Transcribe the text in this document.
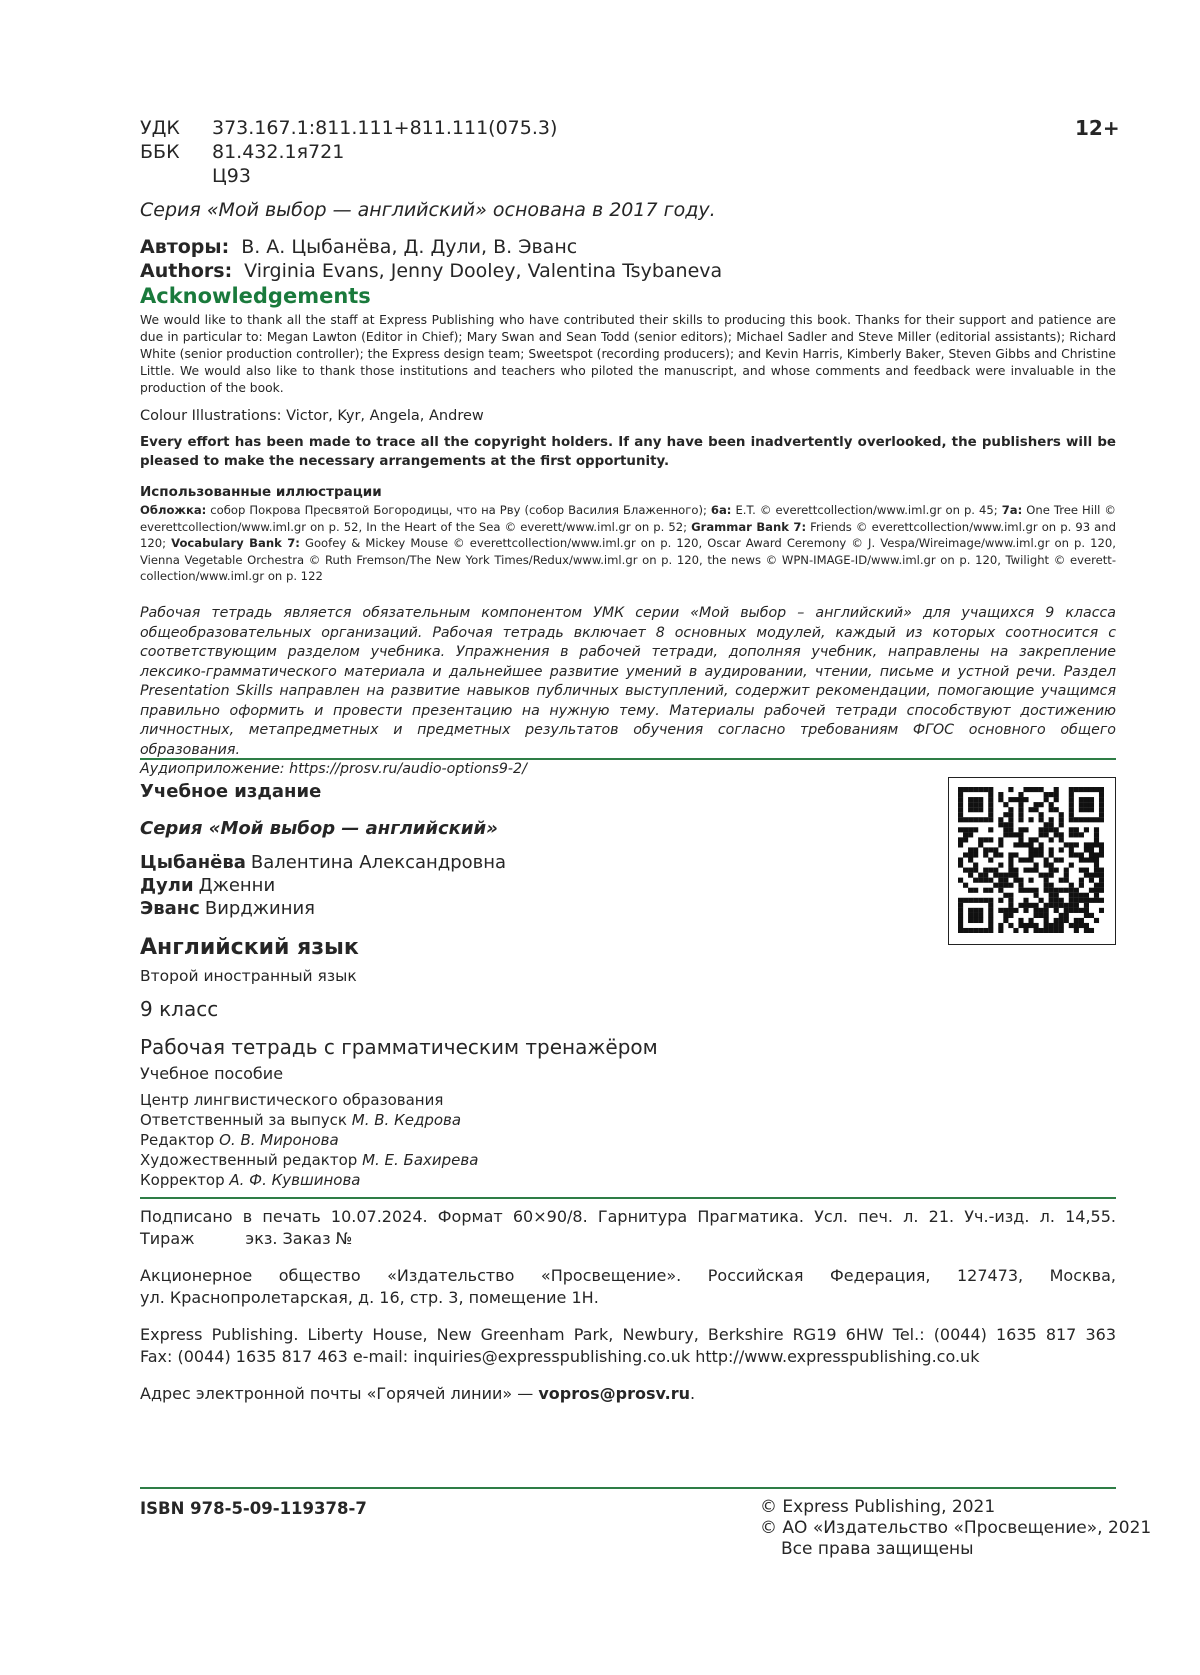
УДК 373.167.1:811.111+811.111(075.3)
ББК 81.432.1я721
Ц93
12+
Серия «Мой выбор — английский» основана в 2017 году.
Авторы: В. А. Цыбанёва, Д. Дули, В. Эванс
Authors: Virginia Evans, Jenny Dooley, Valentina Tsybaneva
Acknowledgements
We would like to thank all the staff at Express Publishing who have contributed their skills to producing this book. Thanks for their support and patience are due in particular to: Megan Lawton (Editor in Chief); Mary Swan and Sean Todd (senior editors); Michael Sadler and Steve Miller (editorial assistants); Richard White (senior production controller); the Express design team; Sweetspot (recording producers); and Kevin Harris, Kimberly Baker, Steven Gibbs and Christine Little. We would also like to thank those institutions and teachers who piloted the manuscript, and whose comments and feedback were invaluable in the production of the book.
Colour Illustrations: Victor, Kyr, Angela, Andrew
Every effort has been made to trace all the copyright holders. If any have been inadvertently overlooked, the publishers will be pleased to make the necessary arrangements at the first opportunity.
Использованные иллюстрации
Обложка: собор Покрова Пресвятой Богородицы, что на Рву (собор Василия Блаженного); 6a: E.T. © everettcollection/www.iml.gr on p. 45; 7a: One Tree Hill © everettcollection/www.iml.gr on p. 52, In the Heart of the Sea © everett/www.iml.gr on p. 52; Grammar Bank 7: Friends © everettcollection/www.iml.gr on p. 93 and 120; Vocabulary Bank 7: Goofey & Mickey Mouse © everettcollection/www.iml.gr on p. 120, Oscar Award Ceremony © J. Vespa/Wireimage/www.iml.gr on p. 120, Vienna Vegetable Orchestra © Ruth Fremson/The New York Times/Redux/www.iml.gr on p. 120, the news © WPN-IMAGE-ID/www.iml.gr on p. 120, Twilight © everett-collection/www.iml.gr on p. 122
Рабочая тетрадь является обязательным компонентом УМК серии «Мой выбор – английский» для учащихся 9 класса общеобразовательных организаций. Рабочая тетрадь включает 8 основных модулей, каждый из которых соотносится с соответствующим разделом учебника. Упражнения в рабочей тетради, дополняя учебник, направлены на закрепление лексико-грамматического материала и дальнейшее развитие умений в аудировании, чтении, письме и устной речи. Раздел Presentation Skills направлен на развитие навыков публичных выступлений, содержит рекомендации, помогающие учащимся правильно оформить и провести презентацию на нужную тему. Материалы рабочей тетради способствуют достижению личностных, метапредметных и предметных результатов обучения согласно требованиям ФГОС основного общего образования.
Аудиоприложение: https://prosv.ru/audio-options9-2/
Учебное издание
Серия «Мой выбор — английский»
Цыбанёва Валентина Александровна
Дули Дженни
Эванс Вирджиния
Английский язык
Второй иностранный язык
9 класс
Рабочая тетрадь с грамматическим тренажёром
Учебное пособие
Центр лингвистического образования
Ответственный за выпуск М. В. Кедрова
Редактор О. В. Миронова
Художественный редактор М. Е. Бахирева
Корректор А. Ф. Кувшинова
Подписано в печать 10.07.2024. Формат 60×90/8. Гарнитура Прагматика. Усл. печ. л. 21. Уч.-изд. л. 14,55.
Тираж          экз. Заказ №
Акционерное общество «Издательство «Просвещение». Российская Федерация, 127473, Москва,
ул. Краснопролетарская, д. 16, стр. 3, помещение 1Н.
Express Publishing. Liberty House, New Greenham Park, Newbury, Berkshire RG19 6HW Tel.: (0044) 1635 817 363
Fax: (0044) 1635 817 463 e-mail: inquiries@expresspublishing.co.uk http://www.expresspublishing.co.uk
Адрес электронной почты «Горячей линии» — vopros@prosv.ru.
ISBN 978-5-09-119378-7	© Express Publishing, 2021
© АО «Издательство «Просвещение», 2021
Все права защищены
